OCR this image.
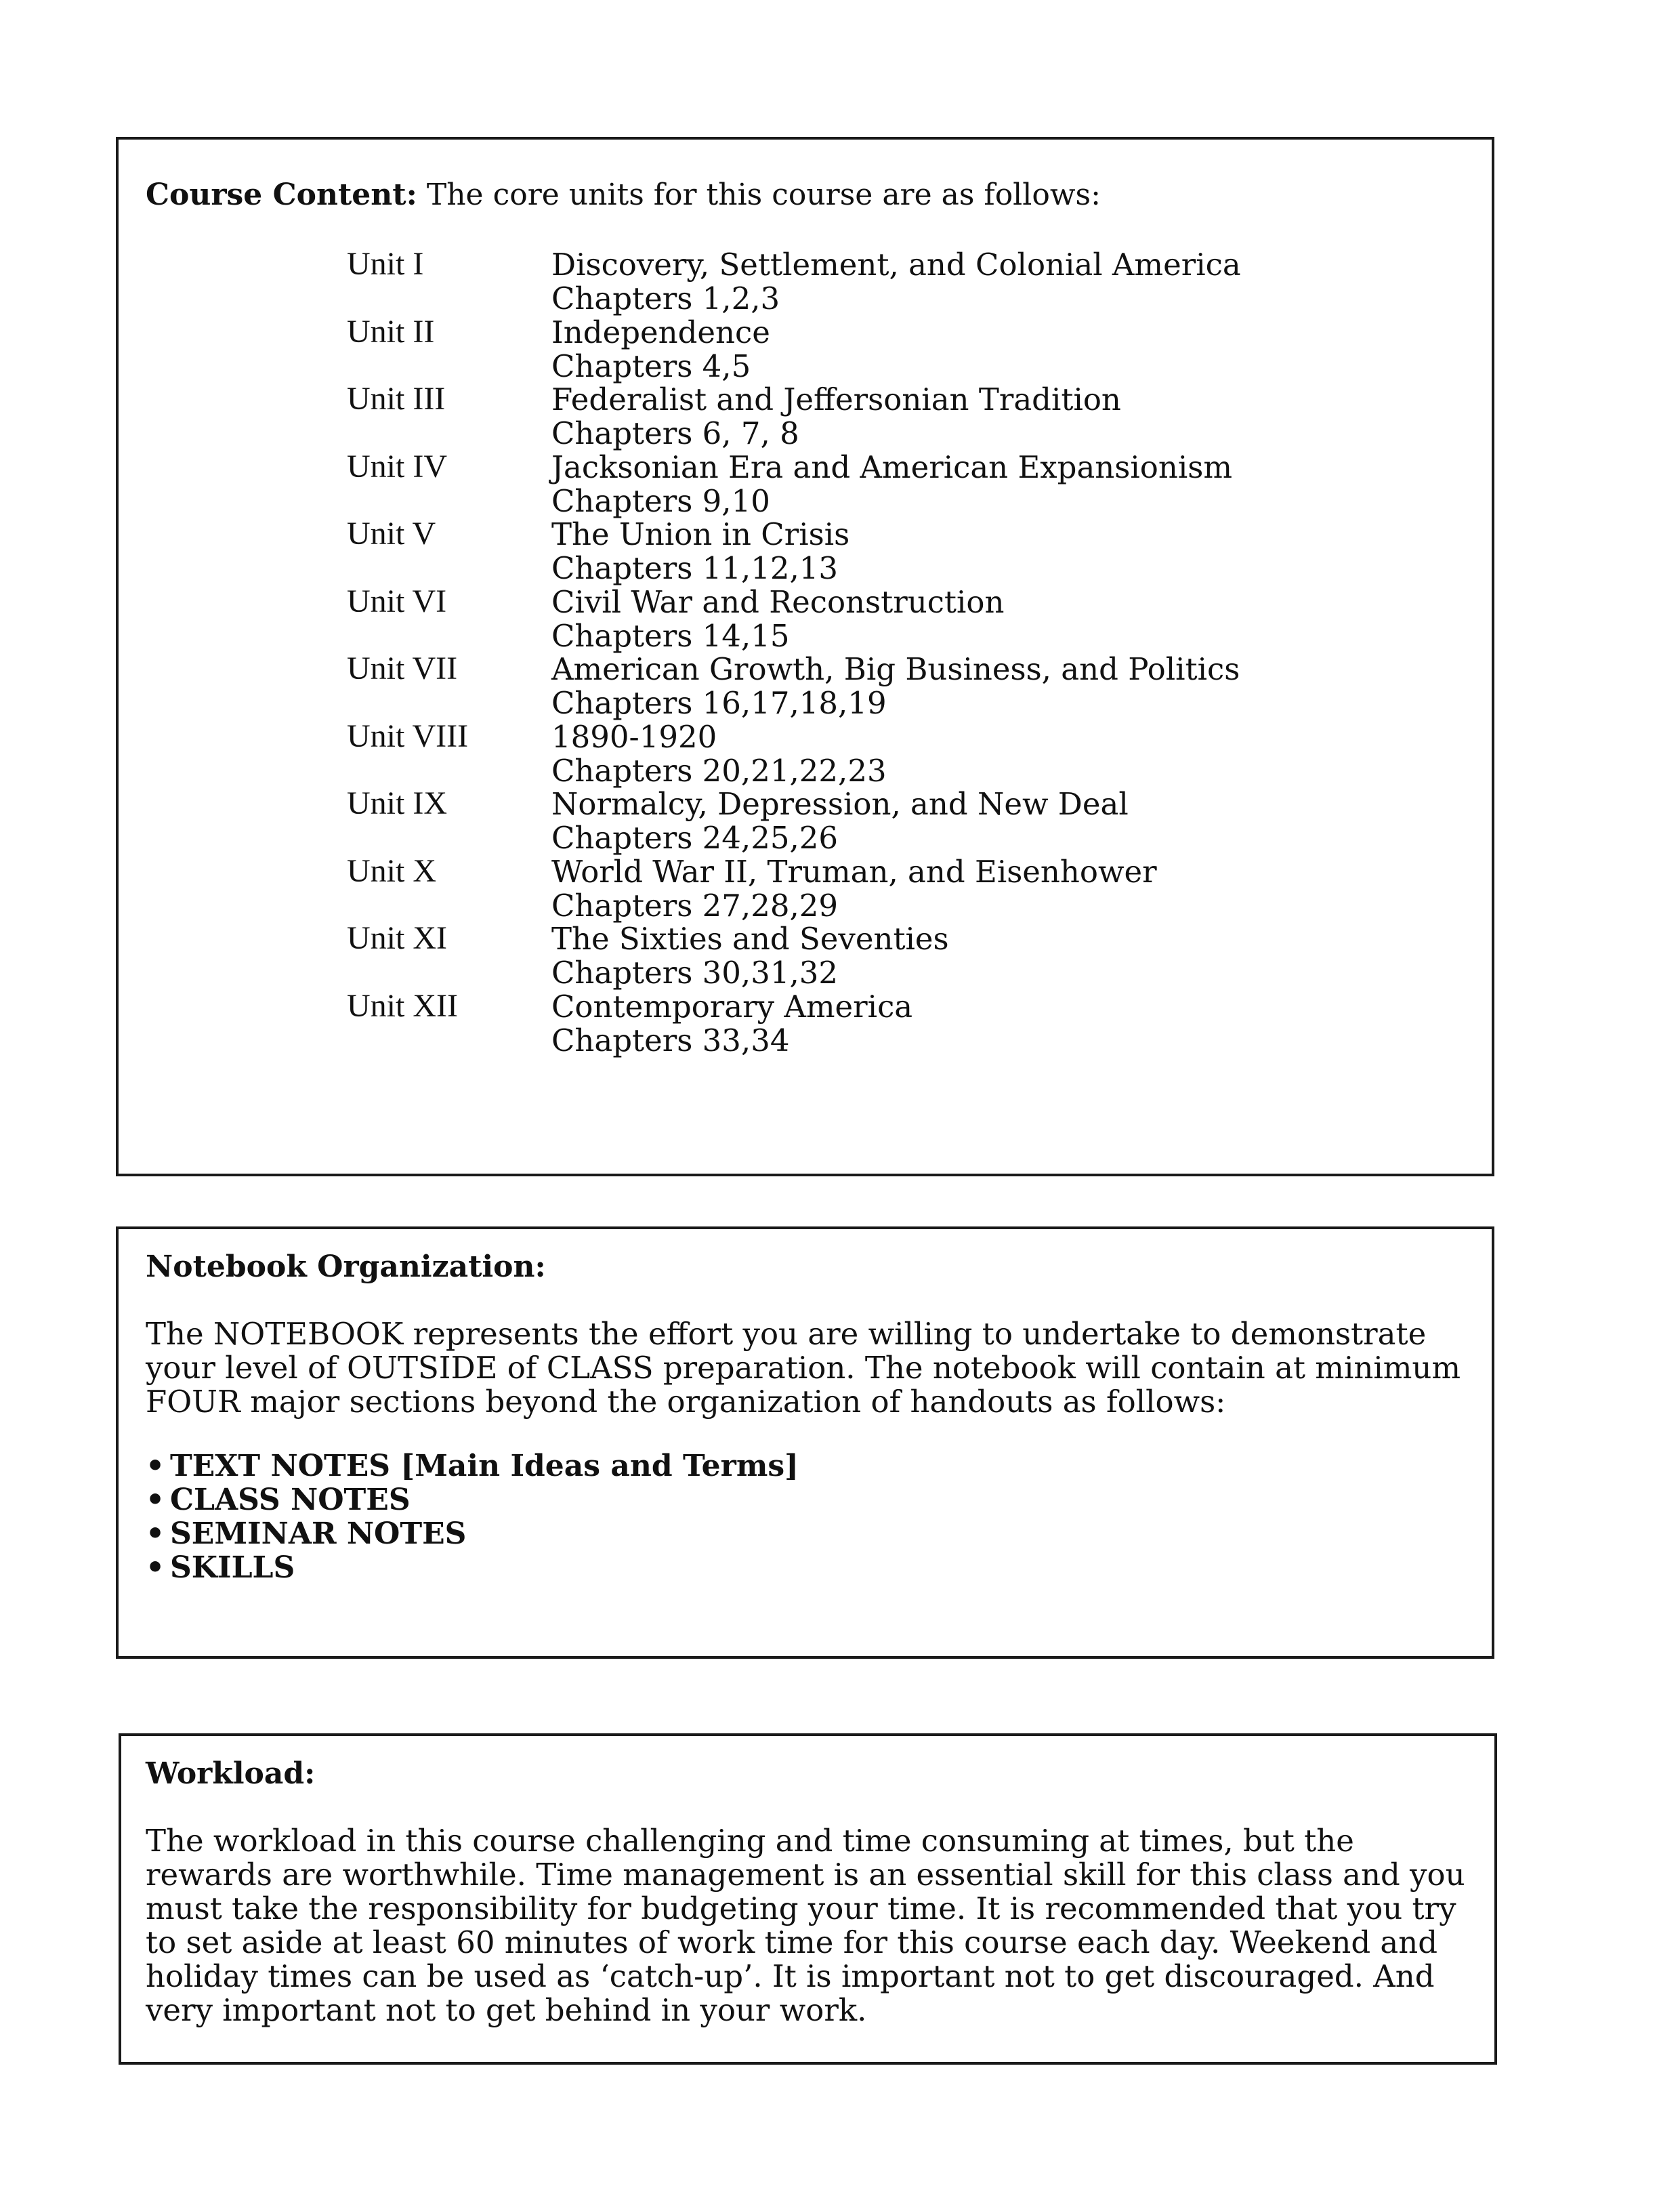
Course Content: The core units for this course are as follows:
Unit I	Discovery, Settlement, and Colonial America
Chapters 1,2,3
Unit II	Independence
Chapters 4,5
Unit III	Federalist and Jeffersonian Tradition
Chapters 6, 7, 8
Unit IV	Jacksonian Era and American Expansionism
Chapters 9,10
Unit V	The Union in Crisis
Chapters 11,12,13
Unit VI	Civil War and Reconstruction
Chapters 14,15
Unit VII	American Growth, Big Business, and Politics
Chapters 16,17,18,19
Unit VIII	1890-1920
Chapters 20,21,22,23
Unit IX	Normalcy, Depression, and New Deal
Chapters 24,25,26
Unit X	World War II, Truman, and Eisenhower
Chapters 27,28,29
Unit XI	The Sixties and Seventies
Chapters 30,31,32
Unit XII	Contemporary America
Chapters 33,34
Notebook Organization:
The NOTEBOOK represents the effort you are willing to undertake to demonstrate
your level of OUTSIDE of CLASS preparation. The notebook will contain at minimum
FOUR major sections beyond the organization of handouts as follows:
• TEXT NOTES [Main Ideas and Terms]
• CLASS NOTES
• SEMINAR NOTES
• SKILLS
Workload:
The workload in this course challenging and time consuming at times, but the
rewards are worthwhile. Time management is an essential skill for this class and you
must take the responsibility for budgeting your time. It is recommended that you try
to set aside at least 60 minutes of work time for this course each day. Weekend and
holiday times can be used as ‘catch-up’. It is important not to get discouraged. And
very important not to get behind in your work.
